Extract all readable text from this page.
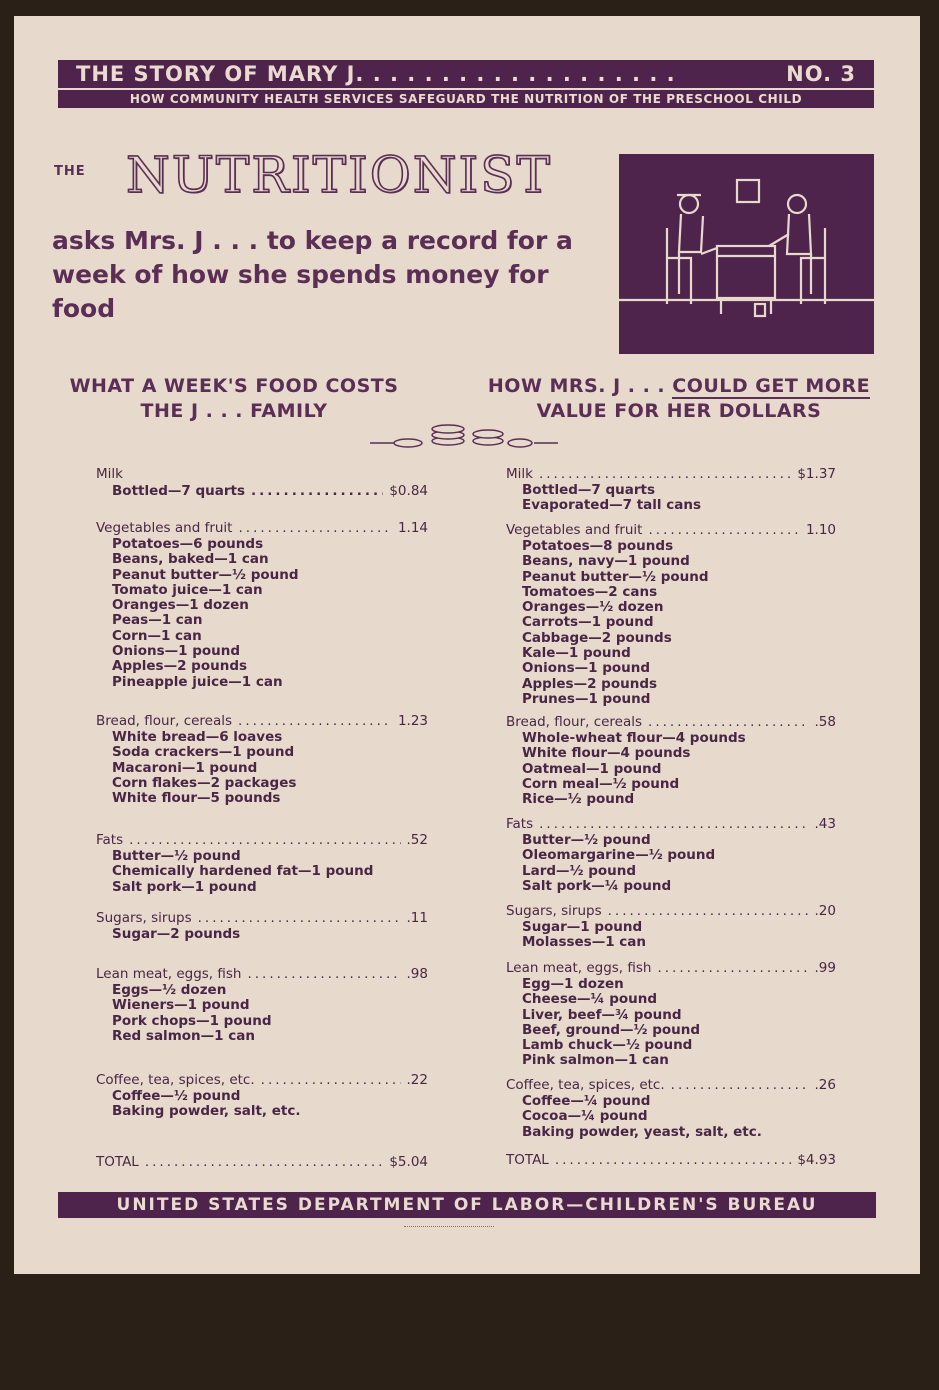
THE STORY OF MARY J. . . . . . . . . . . . . . . . . . .	NO. 3
HOW COMMUNITY HEALTH SERVICES SAFEGUARD THE NUTRITION OF THE PRESCHOOL CHILD
THE NUTRITIONIST
asks Mrs. J . . . to keep a record for a week of how she spends money for food
WHAT A WEEK'S FOOD COSTS
THE J . . . FAMILY
HOW MRS. J . . . COULD GET MORE
VALUE FOR HER DOLLARS
Milk
Bottled—7 quarts .....	$0.84
Vegetables and fruit .....	1.14
Potatoes—6 pounds
Beans, baked—1 can
Peanut butter—½ pound
Tomato juice—1 can
Oranges—1 dozen
Peas—1 can
Corn—1 can
Onions—1 pound
Apples—2 pounds
Pineapple juice—1 can
Bread, flour, cereals .....	1.23
White bread—6 loaves
Soda crackers—1 pound
Macaroni—1 pound
Corn flakes—2 packages
White flour—5 pounds
Fats .....	.52
Butter—½ pound
Chemically hardened fat—1 pound
Salt pork—1 pound
Sugars, sirups .....	.11
Sugar—2 pounds
Lean meat, eggs, fish .....	.98
Eggs—½ dozen
Wieners—1 pound
Pork chops—1 pound
Red salmon—1 can
Coffee, tea, spices, etc. .....	.22
Coffee—½ pound
Baking powder, salt, etc.
TOTAL .....	$5.04
Milk .....	$1.37
Bottled—7 quarts
Evaporated—7 tall cans
Vegetables and fruit .....	1.10
Potatoes—8 pounds
Beans, navy—1 pound
Peanut butter—½ pound
Tomatoes—2 cans
Oranges—½ dozen
Carrots—1 pound
Cabbage—2 pounds
Kale—1 pound
Onions—1 pound
Apples—2 pounds
Prunes—1 pound
Bread, flour, cereals .....	.58
Whole-wheat flour—4 pounds
White flour—4 pounds
Oatmeal—1 pound
Corn meal—½ pound
Rice—½ pound
Fats .....	.43
Butter—½ pound
Oleomargarine—½ pound
Lard—½ pound
Salt pork—¼ pound
Sugars, sirups .....	.20
Sugar—1 pound
Molasses—1 can
Lean meat, eggs, fish .....	.99
Egg—1 dozen
Cheese—¼ pound
Liver, beef—¾ pound
Beef, ground—½ pound
Lamb chuck—½ pound
Pink salmon—1 can
Coffee, tea, spices, etc. .....	.26
Coffee—¼ pound
Cocoa—¼ pound
Baking powder, yeast, salt, etc.
TOTAL .....	$4.93
UNITED STATES DEPARTMENT OF LABOR—CHILDREN'S BUREAU
